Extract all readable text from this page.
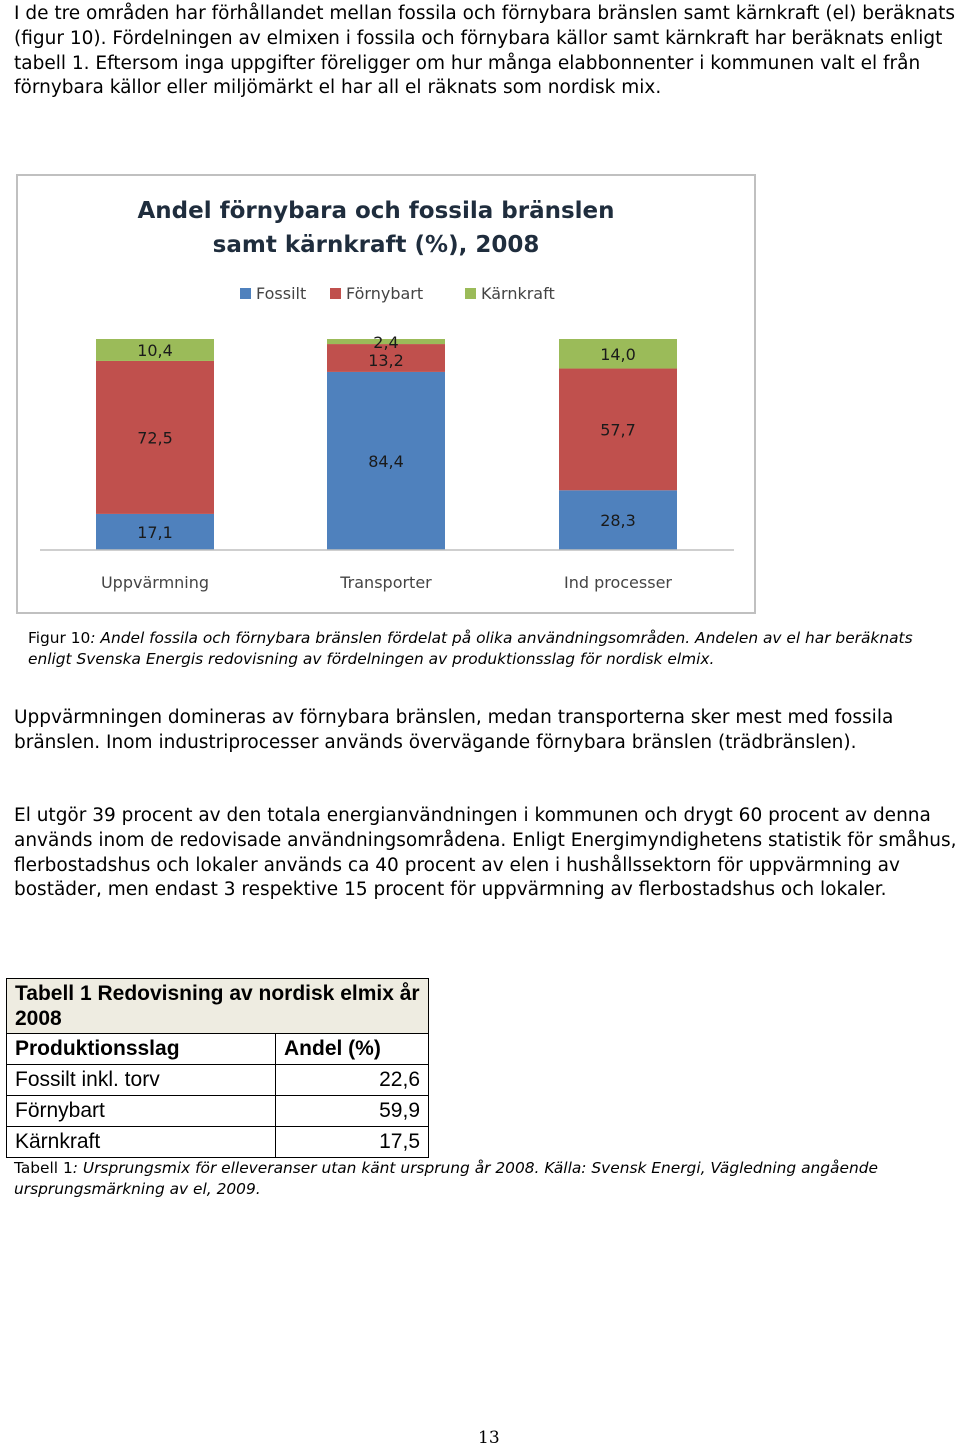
I de tre områden har förhållandet mellan fossila och förnybara bränslen samt kärnkraft (el) beräknats (figur 10). Fördelningen av elmixen i fossila och förnybara källor samt kärnkraft har beräknats enligt tabell 1. Eftersom inga uppgifter föreligger om hur många elabbonnenter i kommunen valt el från förnybara källor eller miljömärkt el har all el räknats som nordisk mix.
Andel förnybara och fossila bränslen
samt kärnkraft (%), 2008
Fossilt Förnybart	Kärnkraft
17,1
72,5
10,4
84,4
13,2
2,4
28,3
57,7
14,0
Uppvärmning	Transporter	Ind processer
Figur 10: Andel fossila och förnybara bränslen fördelat på olika användningsområden. Andelen av el har beräknats enligt Svenska Energis redovisning av fördelningen av produktionsslag för nordisk elmix.
Uppvärmningen domineras av förnybara bränslen, medan transporterna sker mest med fossila bränslen. Inom industriprocesser används övervägande förnybara bränslen (trädbränslen).
El utgör 39 procent av den totala energianvändningen i kommunen och drygt 60 procent av denna används inom de redovisade användningsområdena. Enligt Energimyndighetens statistik för småhus, flerbostadshus och lokaler används ca 40 procent av elen i hushållssektorn för uppvärmning av bostäder, men endast 3 respektive 15 procent för uppvärmning av flerbostadshus och lokaler.
Tabell 1 Redovisning av nordisk elmix år 2008	
Produktionsslag	Andel (%)
Fossilt inkl. torv	22,6
Förnybart	59,9
Kärnkraft	17,5
Tabell 1: Ursprungsmix för elleveranser utan känt ursprung år 2008. Källa: Svensk Energi, Vägledning angående ursprungsmärkning av el, 2009.
13
